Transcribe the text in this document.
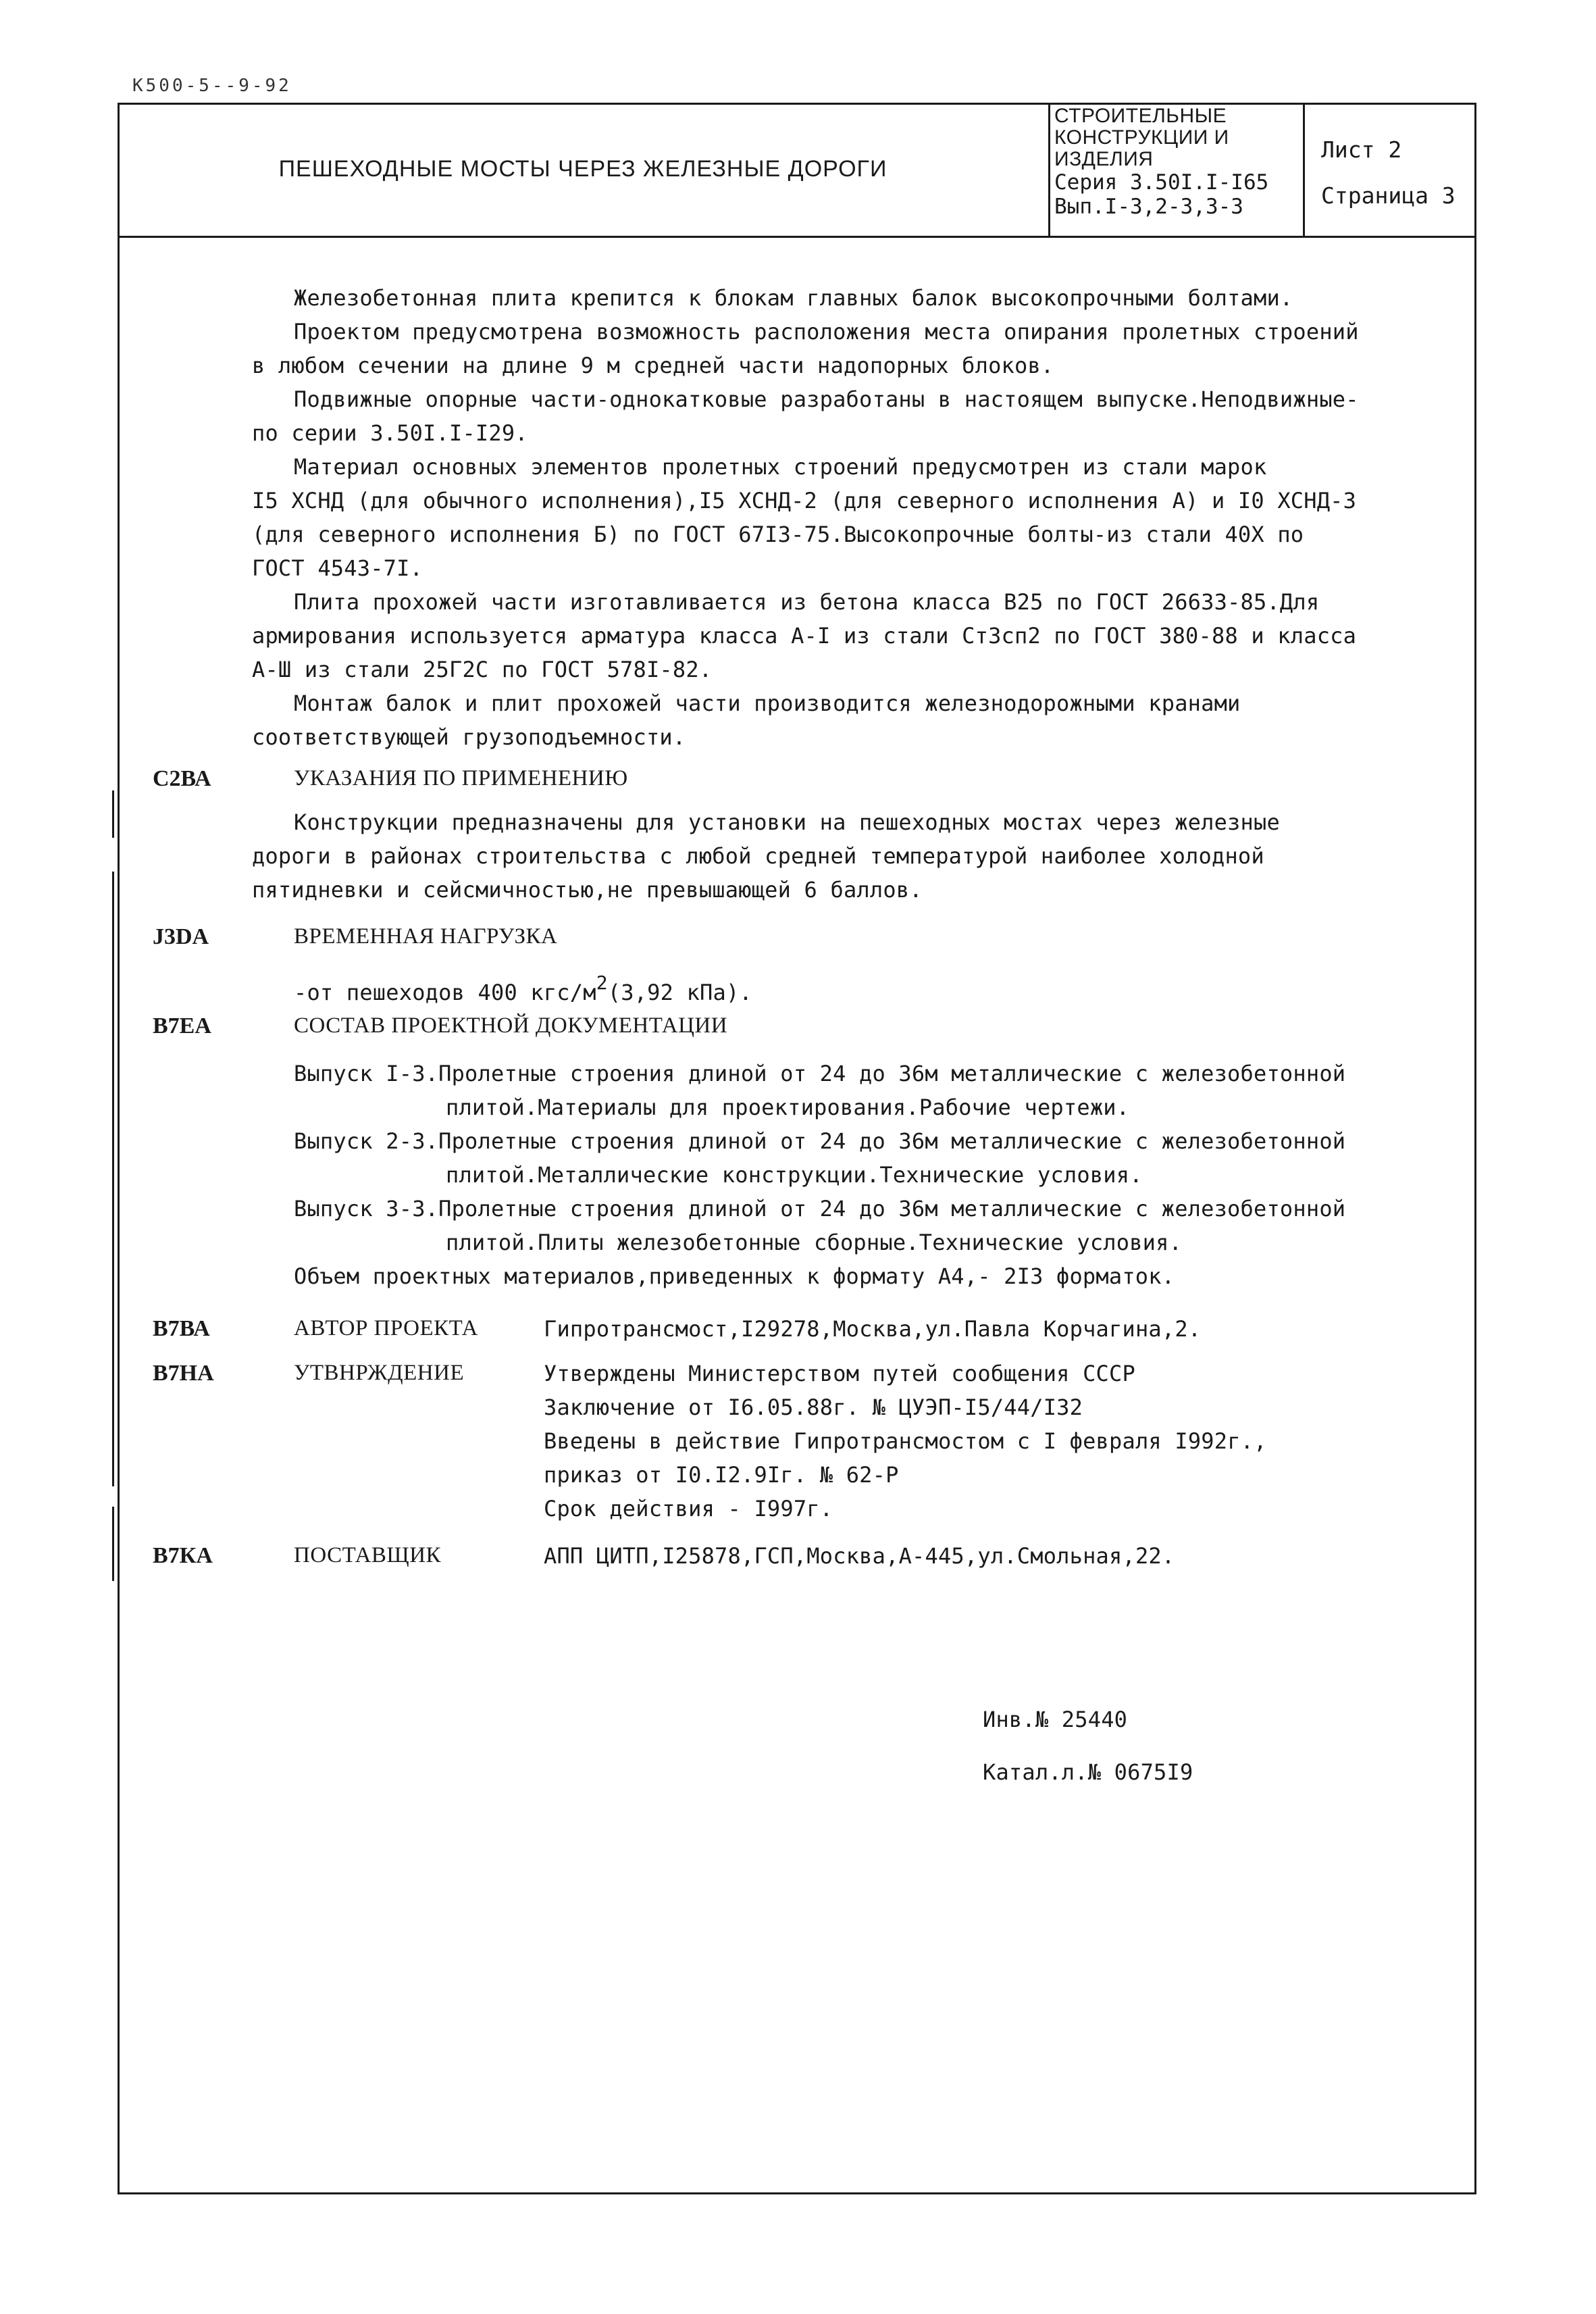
К500-5--9-92
ПЕШЕХОДНЫЕ МОСТЫ ЧЕРЕЗ ЖЕЛЕЗНЫЕ ДОРОГИ
СТРОИТЕЛЬНЫЕ
КОНСТРУКЦИИ И
ИЗДЕЛИЯ
Серия 3.50I.I-I65
Вып.I-3,2-3,3-3
Лист 2
Страница 3
Железобетонная плита крепится к блокам главных балок высокопрочными болтами.
Проектом предусмотрена возможность расположения места опирания пролетных строений
в любом сечении на длине 9 м средней части надопорных блоков.
Подвижные опорные части-однокатковые разработаны в настоящем выпуске.Неподвижные-
по серии 3.50I.I-I29.
Материал основных элементов пролетных строений предусмотрен из стали марок
I5 ХСНД (для обычного исполнения),I5 ХСНД-2 (для северного исполнения А) и I0 ХСНД-3
(для северного исполнения Б) по ГОСТ 67I3-75.Высокопрочные болты-из стали 40Х по
ГОСТ 4543-7I.
Плита прохожей части изготавливается из бетона класса В25 по ГОСТ 26633-85.Для
армирования используется арматура класса А-I из стали Ст3сп2 по ГОСТ 380-88 и класса
А-Ш из стали 25Г2С по ГОСТ 578I-82.
Монтаж балок и плит прохожей части производится железнодорожными кранами
соответствующей грузоподъемности.
С2ВА	УКАЗАНИЯ ПО ПРИМЕНЕНИЮ
Конструкции предназначены для установки на пешеходных мостах через железные
дороги в районах строительства с любой средней температурой наиболее холодной
пятидневки и сейсмичностью,не превышающей 6 баллов.
J3DA	ВРЕМЕННАЯ НАГРУЗКА
-от пешеходов 400 кгс/$м^2(3,92$ кПа).
В7ЕА	СОСТАВ ПРОЕКТНОЙ ДОКУМЕНТАЦИИ
Выпуск I-3.Пролетные строения длиной от 24 до 36м металлические с железобетонной
плитой.Материалы для проектирования.Рабочие чертежи.
Выпуск 2-3.Пролетные строения длиной от 24 до 36м металлические с железобетонной
плитой.Металлические конструкции.Технические условия.
Выпуск 3-3.Пролетные строения длиной от 24 до 36м металлические с железобетонной
плитой.Плиты железобетонные сборные.Технические условия.
Объем проектных материалов,приведенных к формату А4,- 2I3 форматок.
В7ВА	АВТОР ПРОЕКТА	Гипротрансмост,I29278,Москва,ул.Павла Корчагина,2.
В7НА	УТВНРЖДЕНИЕ	Утверждены Министерством путей сообщения СССР
Заключение от I6.05.88г. № ЦУЭП-I5/44/I32
Введены в действие Гипротрансмостом с I февраля I992г.,
приказ от I0.I2.9Iг. № 62-Р
Срок действия - I997г.
В7КА	ПОСТАВЩИК	АПП ЦИТП,I25878,ГСП,Москва,А-445,ул.Смольная,22.
Инв.№ 25440
Катал.л.№ 0675I9
